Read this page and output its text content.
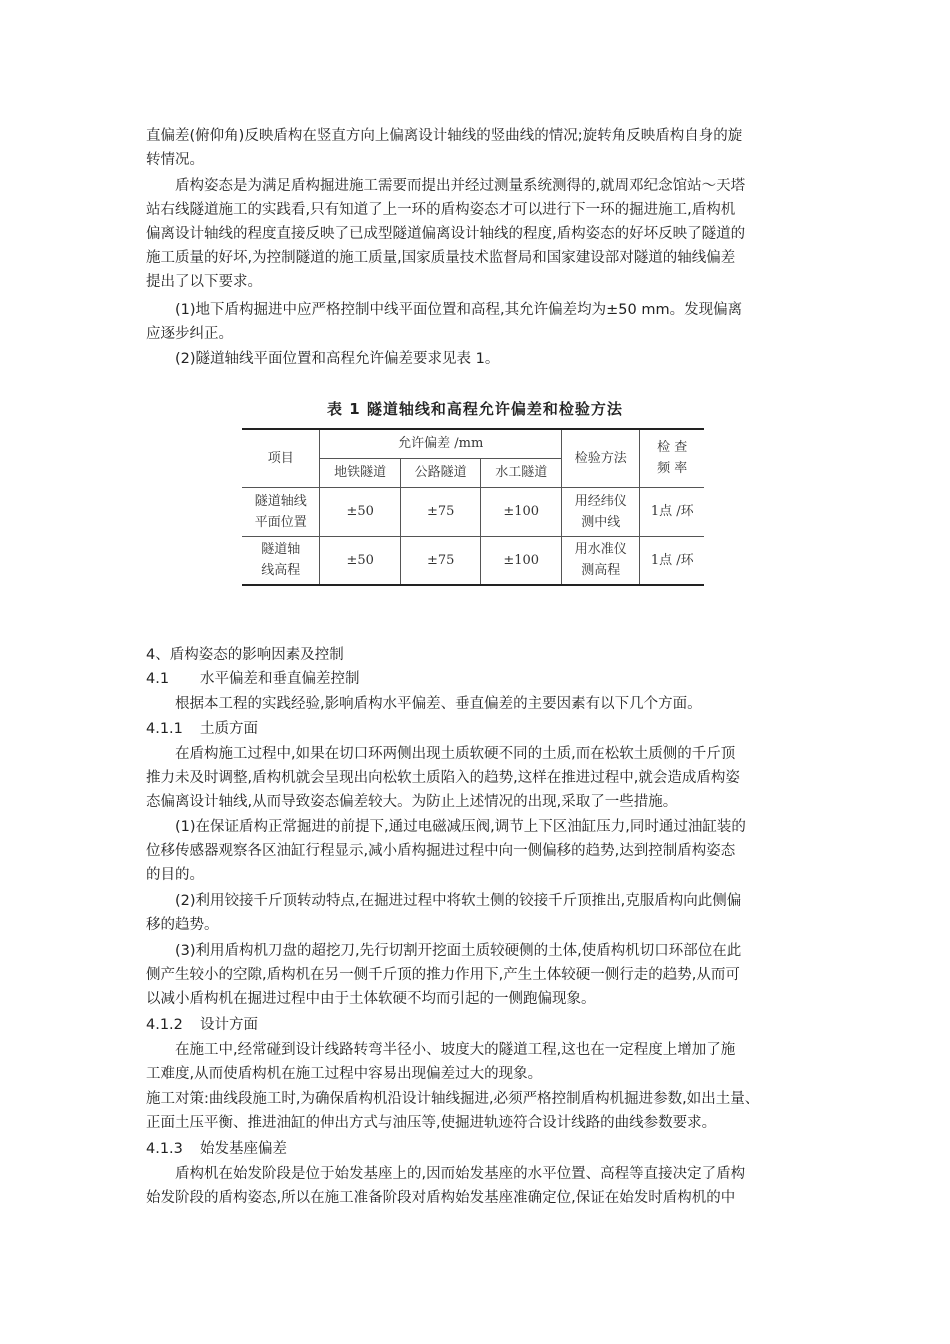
直偏差(俯仰角)反映盾构在竖直方向上偏离设计轴线的竖曲线的情况;旋转角反映盾构自身的旋
转情况。

盾构姿态是为满足盾构掘进施工需要而提出并经过测量系统测得的,就周邓纪念馆站～天塔
站右线隧道施工的实践看,只有知道了上一环的盾构姿态才可以进行下一环的掘进施工,盾构机
偏离设计轴线的程度直接反映了已成型隧道偏离设计轴线的程度,盾构姿态的好坏反映了隧道的
施工质量的好坏,为控制隧道的施工质量,国家质量技术监督局和国家建设部对隧道的轴线偏差
提出了以下要求。

(1)地下盾构掘进中应严格控制中线平面位置和高程,其允许偏差均为±50 mm。发现偏离
应逐步纠正。

(2)隧道轴线平面位置和高程允许偏差要求见表 1。

表 1 隧道轴线和高程允许偏差和检验方法
项目	允许偏差 /mm			检验方法	检 查
频 率

	地铁隧道	公路隧道	水工隧道		

隧道轴线
平面位置	±50	±75	±100	用经纬仪
测中线	1点 /环

隧道轴
线高程	±50	±75	±100	用水准仪
测高程	1点 /环
4、盾构姿态的影响因素及控制
4.1 水平偏差和垂直偏差控制

根据本工程的实践经验,影响盾构水平偏差、垂直偏差的主要因素有以下几个方面。

4.1.1 土质方面

在盾构施工过程中,如果在切口环两侧出现土质软硬不同的土质,而在松软土质侧的千斤顶
推力未及时调整,盾构机就会呈现出向松软土质陷入的趋势,这样在推进过程中,就会造成盾构姿
态偏离设计轴线,从而导致姿态偏差较大。为防止上述情况的出现,采取了一些措施。

(1)在保证盾构正常掘进的前提下,通过电磁减压阀,调节上下区油缸压力,同时通过油缸装的
位移传感器观察各区油缸行程显示,减小盾构掘进过程中向一侧偏移的趋势,达到控制盾构姿态
的目的。

(2)利用铰接千斤顶转动特点,在掘进过程中将软土侧的铰接千斤顶推出,克服盾构向此侧偏
移的趋势。

(3)利用盾构机刀盘的超挖刀,先行切割开挖面土质较硬侧的土体,使盾构机切口环部位在此
侧产生较小的空隙,盾构机在另一侧千斤顶的推力作用下,产生土体较硬一侧行走的趋势,从而可
以减小盾构机在掘进过程中由于土体软硬不均而引起的一侧跑偏现象。

4.1.2 设计方面

在施工中,经常碰到设计线路转弯半径小、坡度大的隧道工程,这也在一定程度上增加了施
工难度,从而使盾构机在施工过程中容易出现偏差过大的现象。

施工对策:曲线段施工时,为确保盾构机沿设计轴线掘进,必须严格控制盾构机掘进参数,如出土量、
正面土压平衡、推进油缸的伸出方式与油压等,使掘进轨迹符合设计线路的曲线参数要求。

4.1.3 始发基座偏差

盾构机在始发阶段是位于始发基座上的,因而始发基座的水平位置、高程等直接决定了盾构
始发阶段的盾构姿态,所以在施工准备阶段对盾构始发基座准确定位,保证在始发时盾构机的中
